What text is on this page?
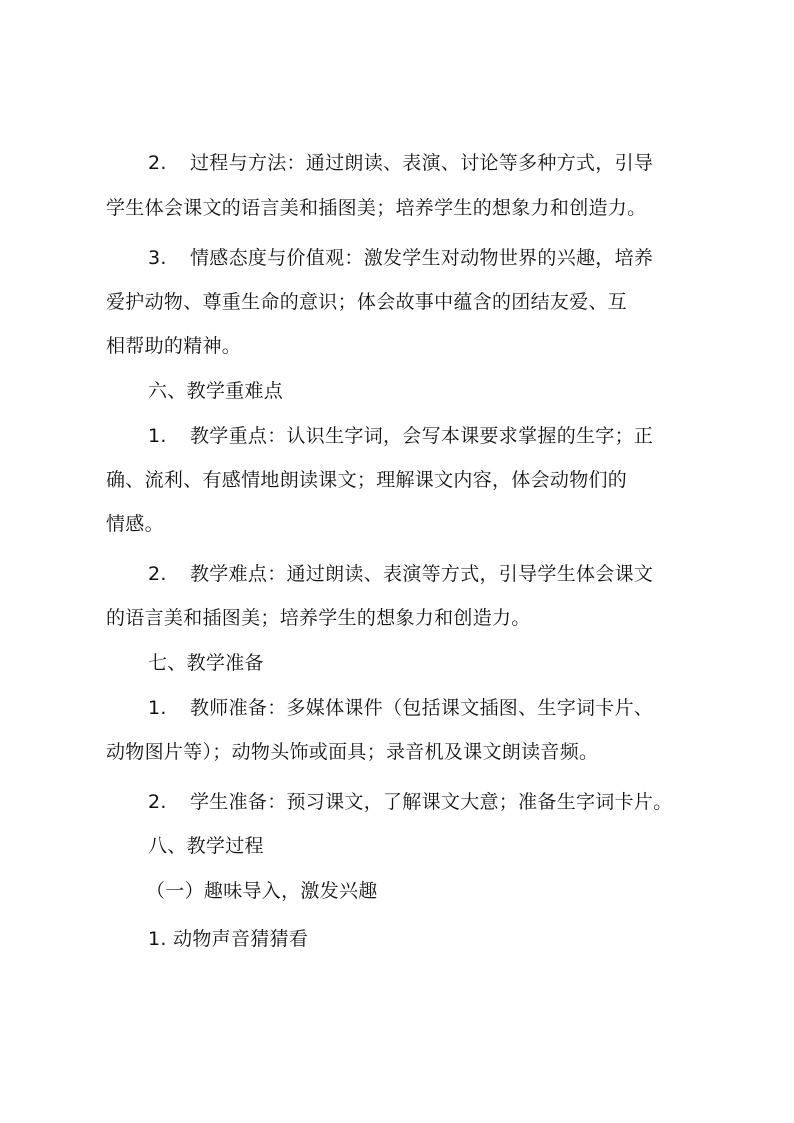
2. 过程与方法：通过朗读、表演、讨论等多种方式，引导
学生体会课文的语言美和插图美；培养学生的想象力和创造力。
3. 情感态度与价值观：激发学生对动物世界的兴趣，培养
爱护动物、尊重生命的意识；体会故事中蕴含的团结友爱、互
相帮助的精神。
六、教学重难点
1. 教学重点：认识生字词，会写本课要求掌握的生字；正
确、流利、有感情地朗读课文；理解课文内容，体会动物们的
情感。
2. 教学难点：通过朗读、表演等方式，引导学生体会课文
的语言美和插图美；培养学生的想象力和创造力。
七、教学准备
1. 教师准备：多媒体课件（包括课文插图、生字词卡片、
动物图片等）；动物头饰或面具；录音机及课文朗读音频。
2. 学生准备：预习课文，了解课文大意；准备生字词卡片。
八、教学过程
（一）趣味导入，激发兴趣
1. 动物声音猜猜看
